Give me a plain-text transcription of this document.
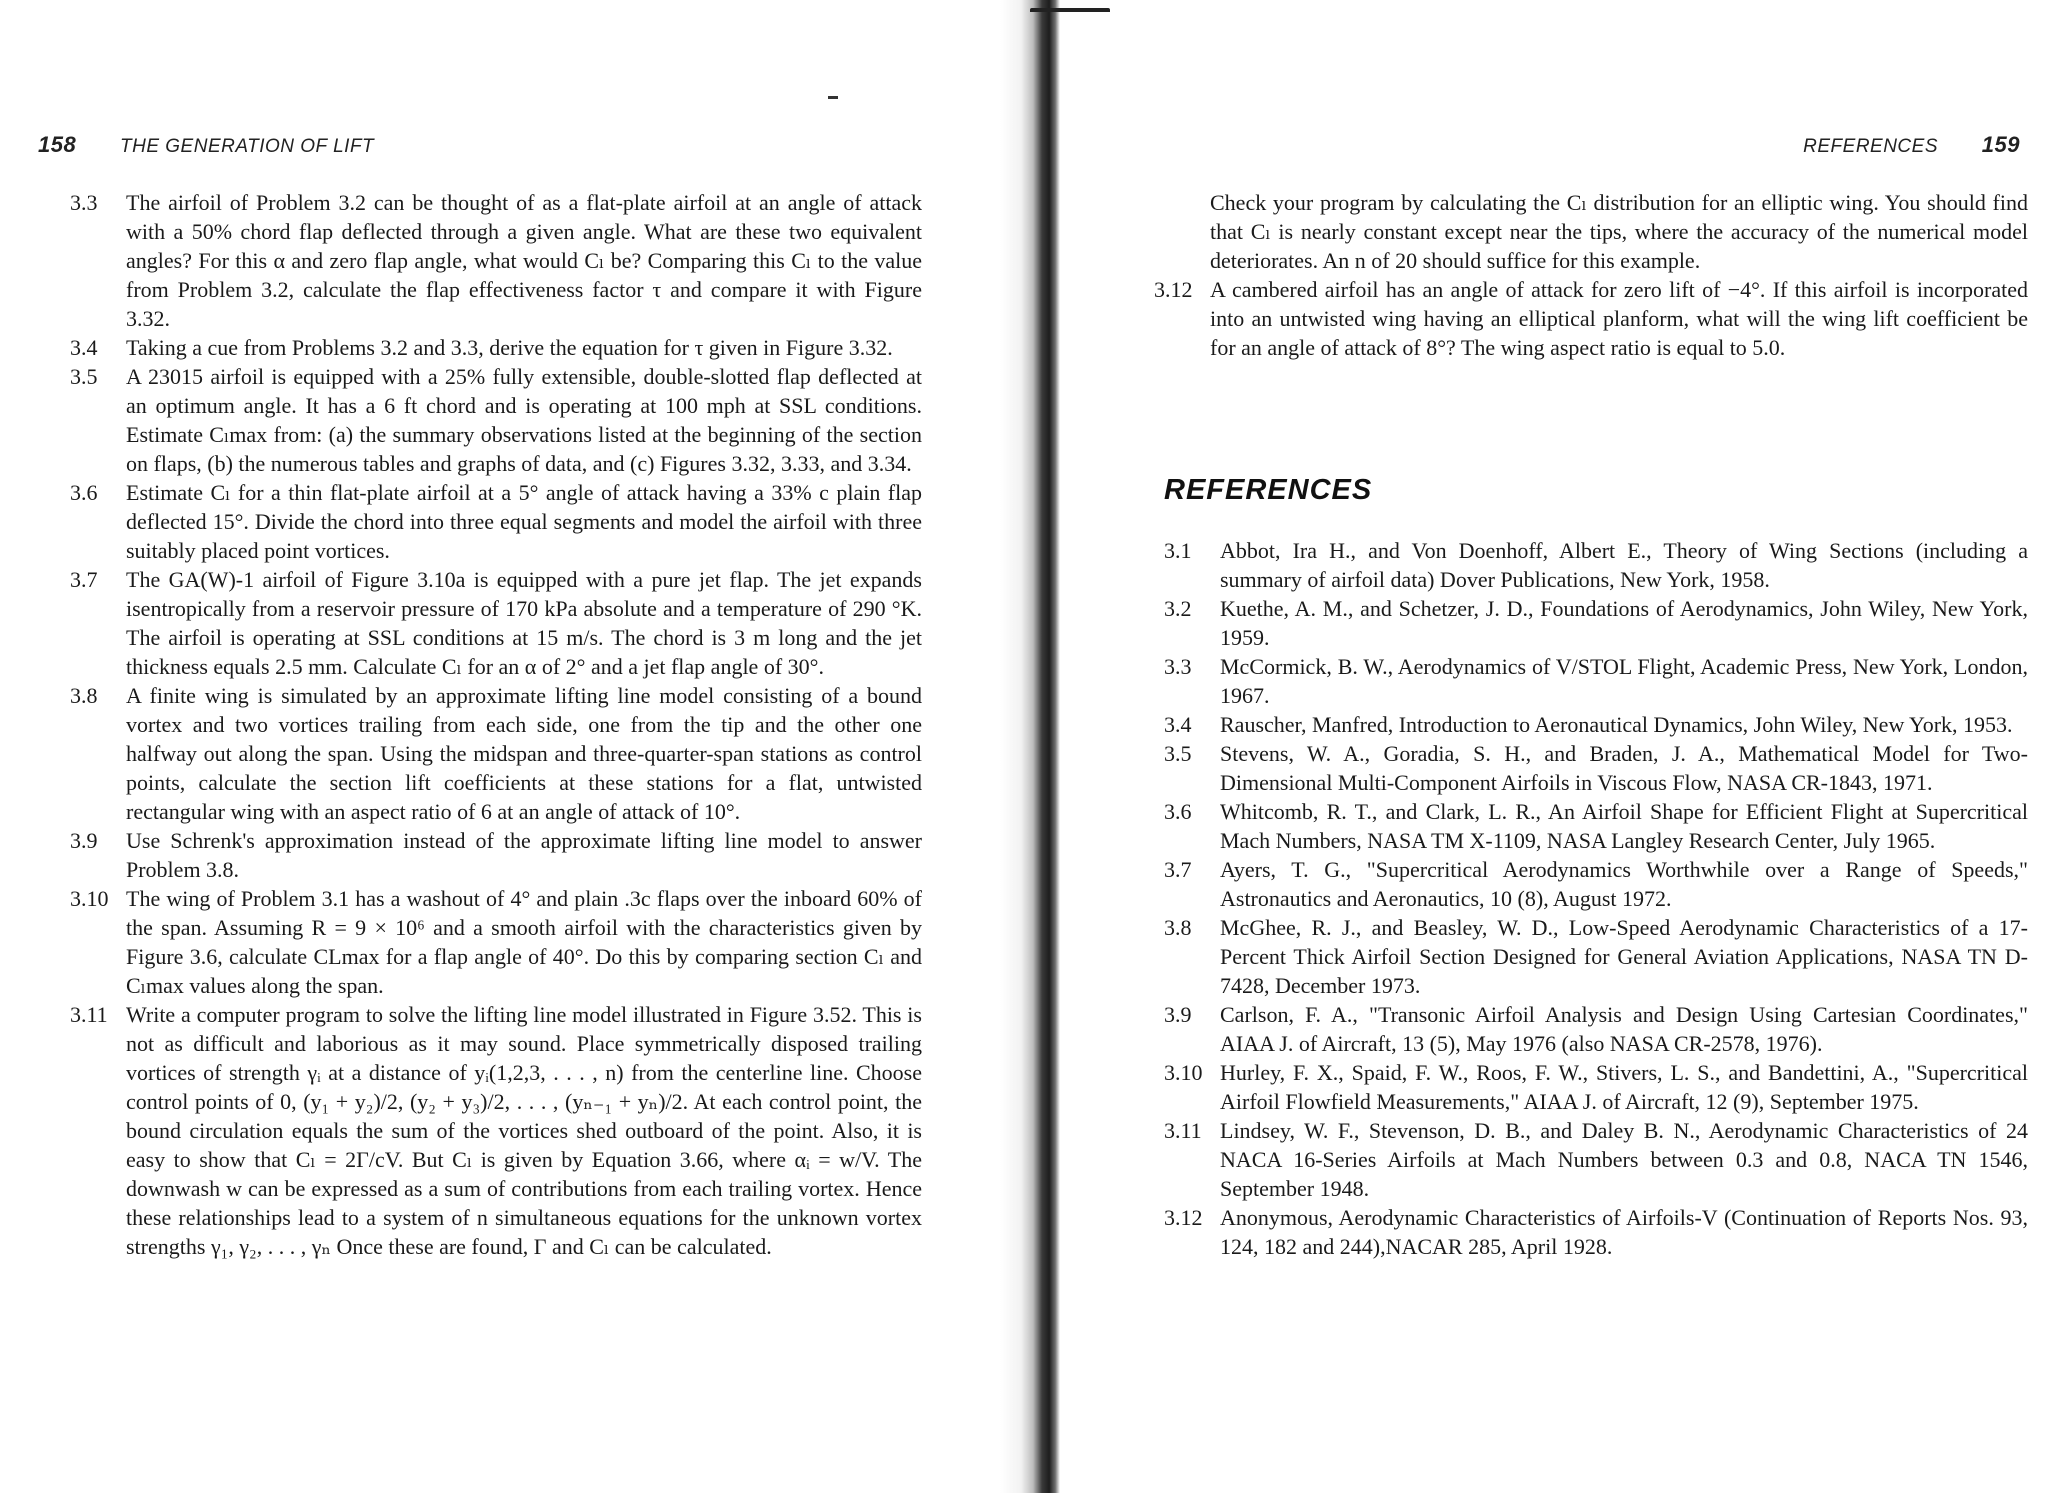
158 THE GENERATION OF LIFT
3.3	The airfoil of Problem 3.2 can be thought of as a flat-plate airfoil at an angle of attack with a 50% chord flap deflected through a given angle. What are these two equivalent angles? For this α and zero flap angle, what would Cₗ be? Comparing this Cₗ to the value from Problem 3.2, calculate the flap effectiveness factor τ and compare it with Figure 3.32.
3.4	Taking a cue from Problems 3.2 and 3.3, derive the equation for τ given in Figure 3.32.
3.5	A 23015 airfoil is equipped with a 25% fully extensible, double-slotted flap deflected at an optimum angle. It has a 6 ft chord and is operating at 100 mph at SSL conditions. Estimate Cₗmax from: (a) the summary observations listed at the beginning of the section on flaps, (b) the numerous tables and graphs of data, and (c) Figures 3.32, 3.33, and 3.34.
3.6	Estimate Cₗ for a thin flat-plate airfoil at a 5° angle of attack having a 33% c plain flap deflected 15°. Divide the chord into three equal segments and model the airfoil with three suitably placed point vortices.
3.7	The GA(W)-1 airfoil of Figure 3.10a is equipped with a pure jet flap. The jet expands isentropically from a reservoir pressure of 170 kPa absolute and a temperature of 290 °K. The airfoil is operating at SSL conditions at 15 m/s. The chord is 3 m long and the jet thickness equals 2.5 mm. Calculate Cₗ for an α of 2° and a jet flap angle of 30°.
3.8	A finite wing is simulated by an approximate lifting line model consisting of a bound vortex and two vortices trailing from each side, one from the tip and the other one halfway out along the span. Using the midspan and three-quarter-span stations as control points, calculate the section lift coefficients at these stations for a flat, untwisted rectangular wing with an aspect ratio of 6 at an angle of attack of 10°.
3.9	Use Schrenk's approximation instead of the approximate lifting line model to answer Problem 3.8.
3.10 The wing of Problem 3.1 has a washout of 4° and plain .3c flaps over the inboard 60% of the span. Assuming R = 9 × 10⁶ and a smooth airfoil with the characteristics given by Figure 3.6, calculate CLmax for a flap angle of 40°. Do this by comparing section Cₗ and Cₗmax values along the span.
3.11 Write a computer program to solve the lifting line model illustrated in Figure 3.52. This is not as difficult and laborious as it may sound. Place symmetrically disposed trailing vortices of strength γᵢ at a distance of yᵢ(1,2,3, . . . , n) from the centerline line. Choose control points of 0, (y₁ + y₂)/2, (y₂ + y₃)/2, . . . , (yₙ₋₁ + yₙ)/2. At each control point, the bound circulation equals the sum of the vortices shed outboard of the point. Also, it is easy to show that Cₗ = 2Γ/cV. But Cₗ is given by Equation 3.66, where αᵢ = w/V. The downwash w can be expressed as a sum of contributions from each trailing vortex. Hence these relationships lead to a system of n simultaneous equations for the unknown vortex strengths γ₁, γ₂, . . . , γₙ Once these are found, Γ and Cₗ can be calculated.
REFERENCES 159
Check your program by calculating the Cₗ distribution for an elliptic wing. You should find that Cₗ is nearly constant except near the tips, where the accuracy of the numerical model deteriorates. An n of 20 should suffice for this example.
3.12 A cambered airfoil has an angle of attack for zero lift of −4°. If this airfoil is incorporated into an untwisted wing having an elliptical planform, what will the wing lift coefficient be for an angle of attack of 8°? The wing aspect ratio is equal to 5.0.
REFERENCES
3.1	Abbot, Ira H., and Von Doenhoff, Albert E., Theory of Wing Sections (including a summary of airfoil data) Dover Publications, New York, 1958.
3.2	Kuethe, A. M., and Schetzer, J. D., Foundations of Aerodynamics, John Wiley, New York, 1959.
3.3	McCormick, B. W., Aerodynamics of V/STOL Flight, Academic Press, New York, London, 1967.
3.4	Rauscher, Manfred, Introduction to Aeronautical Dynamics, John Wiley, New York, 1953.
3.5	Stevens, W. A., Goradia, S. H., and Braden, J. A., Mathematical Model for Two-Dimensional Multi-Component Airfoils in Viscous Flow, NASA CR-1843, 1971.
3.6	Whitcomb, R. T., and Clark, L. R., An Airfoil Shape for Efficient Flight at Supercritical Mach Numbers, NASA TM X-1109, NASA Langley Research Center, July 1965.
3.7	Ayers, T. G., "Supercritical Aerodynamics Worthwhile over a Range of Speeds," Astronautics and Aeronautics, 10 (8), August 1972.
3.8	McGhee, R. J., and Beasley, W. D., Low-Speed Aerodynamic Characteristics of a 17-Percent Thick Airfoil Section Designed for General Aviation Applications, NASA TN D-7428, December 1973.
3.9	Carlson, F. A., "Transonic Airfoil Analysis and Design Using Cartesian Coordinates," AIAA J. of Aircraft, 13 (5), May 1976 (also NASA CR-2578, 1976).
3.10 Hurley, F. X., Spaid, F. W., Roos, F. W., Stivers, L. S., and Bandettini, A., "Supercritical Airfoil Flowfield Measurements," AIAA J. of Aircraft, 12 (9), September 1975.
3.11 Lindsey, W. F., Stevenson, D. B., and Daley B. N., Aerodynamic Characteristics of 24 NACA 16-Series Airfoils at Mach Numbers between 0.3 and 0.8, NACA TN 1546, September 1948.
3.12 Anonymous, Aerodynamic Characteristics of Airfoils-V (Continuation of Reports Nos. 93, 124, 182 and 244),NACAR 285, April 1928.
